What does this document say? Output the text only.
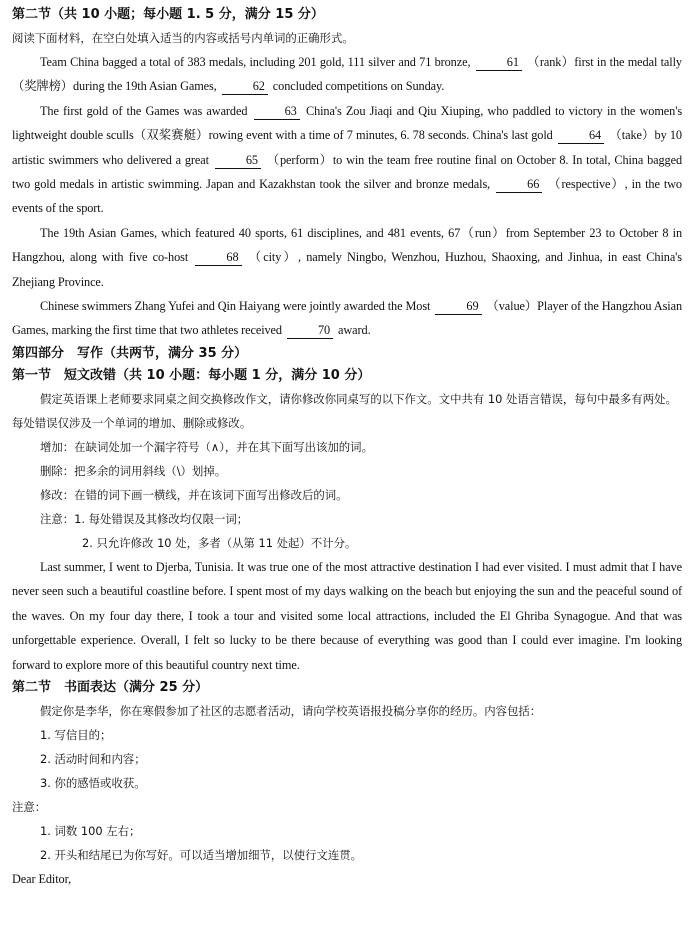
第二节（共 10 小题；每小题 1. 5 分，满分 15 分）
阅读下面材料，在空白处填入适当的内容或括号内单词的正确形式。
Team China bagged a total of 383 medals, including 201 gold, 111 silver and 71 bronze,	61 （rank）first in the medal tally（奖牌榜）during the 19th Asian Games,	62 concluded competitions on Sunday.
The first gold of the Games was awarded	63 China's Zou Jiaqi and Qiu Xiuping, who paddled to victory in the women's lightweight double sculls（双桨赛艇）rowing event with a time of 7 minutes, 6. 78 seconds. China's last gold	64 （take）by 10 artistic swimmers who delivered a great	65 （perform）to win the team free routine final on October 8. In total, China bagged two gold medals in artistic swimming. Japan and Kazakhstan took the silver and bronze medals,	66 （respective）, in the two events of the sport.
The 19th Asian Games, which featured 40 sports, 61 disciplines, and 481 events, 67（run）from September 23 to October 8 in Hangzhou, along with five co-host	68 （city）, namely Ningbo, Wenzhou, Huzhou, Shaoxing, and Jinhua, in east China's Zhejiang Province.
Chinese swimmers Zhang Yufei and Qin Haiyang were jointly awarded the Most	69 （value）Player of the Hangzhou Asian Games, marking the first time that two athletes received	70 award.
第四部分　写作（共两节，满分 35 分）
第一节　短文改错（共 10 小题：每小题 1 分，满分 10 分）
假定英语课上老师要求同桌之间交换修改作文，请你修改你同桌写的以下作文。文中共有 10 处语言错误，每句中最多有两处。每处错误仅涉及一个单词的增加、删除或修改。
增加：在缺词处加一个漏字符号（∧），并在其下面写出该加的词。
删除：把多余的词用斜线（\）划掉。
修改：在错的词下画一横线，并在该词下面写出修改后的词。
注意：1. 每处错误及其修改均仅限一词；
2. 只允许修改 10 处，多者（从第 11 处起）不计分。
Last summer, I went to Djerba, Tunisia. It was true one of the most attractive destination I had ever visited. I must admit that I have never seen such a beautiful coastline before. I spent most of my days walking on the beach but enjoying the sun and the peaceful sound of the waves. On my four day there, I took a tour and visited some local attractions, included the El Ghriba Synagogue. And that was unforgettable experience. Overall, I felt so lucky to be there because of everything was good than I could ever imagine. I'm looking forward to explore more of this beautiful country next time.
第二节　书面表达（满分 25 分）
假定你是李华，你在寒假参加了社区的志愿者活动，请向学校英语报投稿分享你的经历。内容包括：
1. 写信目的；
2. 活动时间和内容；
3. 你的感悟或收获。
注意：
1. 词数 100 左右；
2. 开头和结尾已为你写好。可以适当增加细节，以使行文连贯。
Dear Editor,
